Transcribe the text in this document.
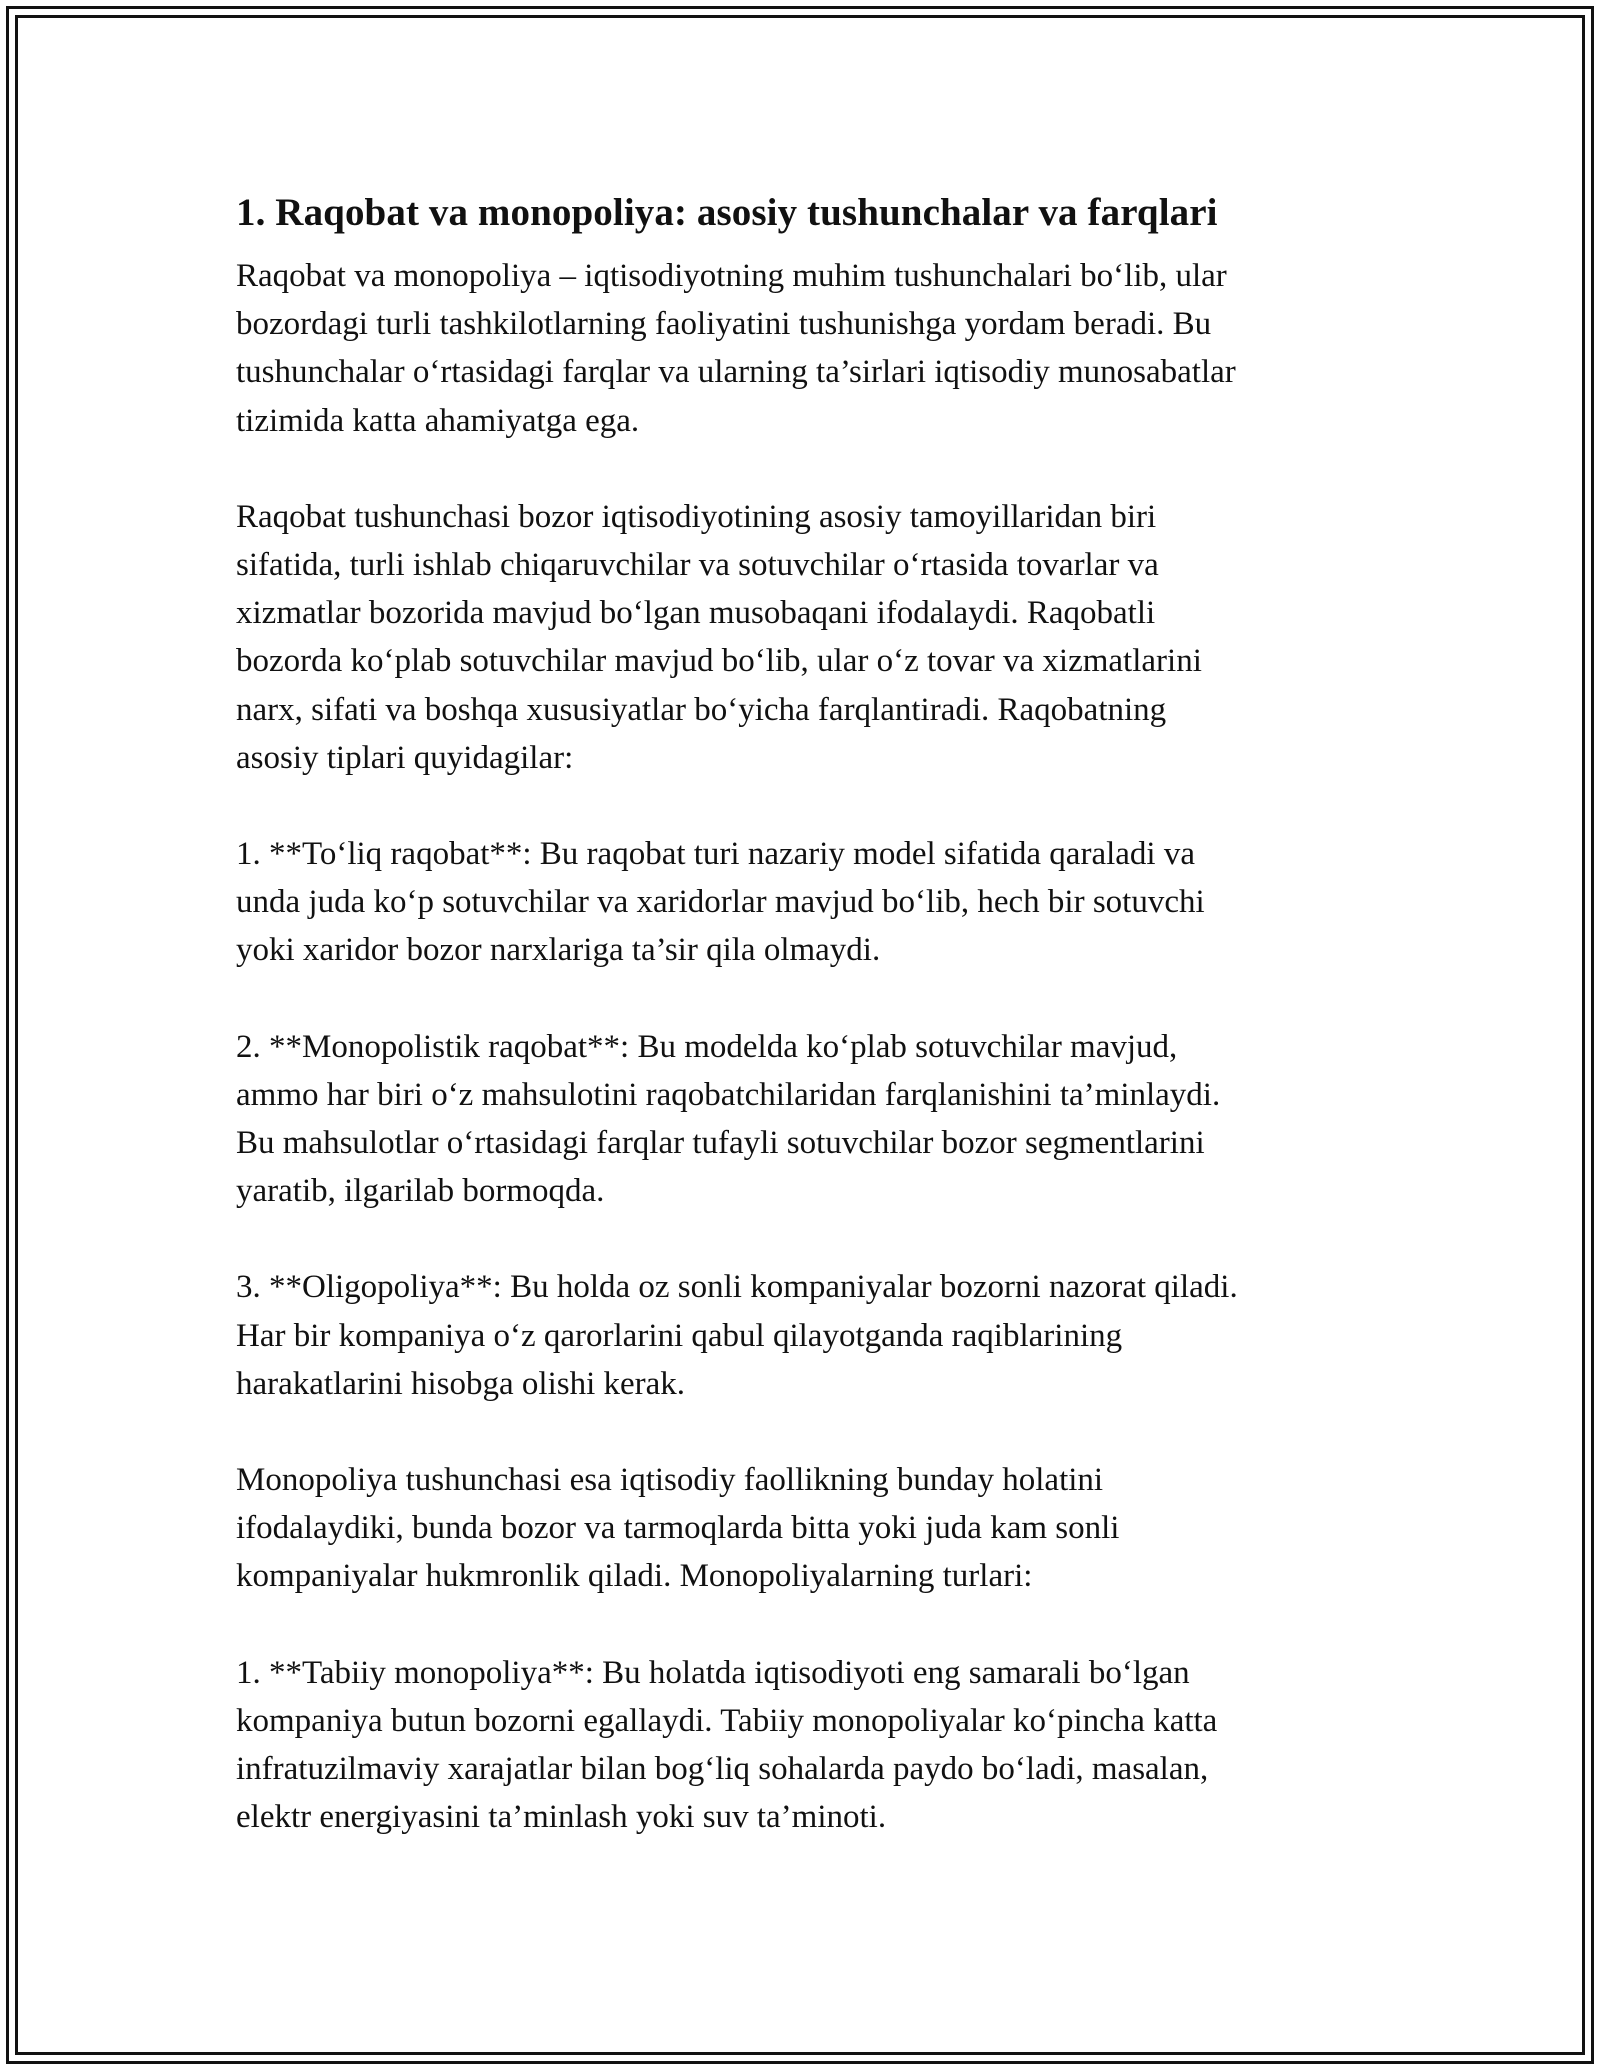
1. Raqobat va monopoliya: asosiy tushunchalar va farqlari

Raqobat va monopoliya – iqtisodiyotning muhim tushunchalari bo‘lib, ular
bozordagi turli tashkilotlarning faoliyatini tushunishga yordam beradi. Bu
tushunchalar o‘rtasidagi farqlar va ularning ta’sirlari iqtisodiy munosabatlar
tizimida katta ahamiyatga ega.

Raqobat tushunchasi bozor iqtisodiyotining asosiy tamoyillaridan biri
sifatida, turli ishlab chiqaruvchilar va sotuvchilar o‘rtasida tovarlar va
xizmatlar bozorida mavjud bo‘lgan musobaqani ifodalaydi. Raqobatli
bozorda ko‘plab sotuvchilar mavjud bo‘lib, ular o‘z tovar va xizmatlarini
narx, sifati va boshqa xususiyatlar bo‘yicha farqlantiradi. Raqobatning
asosiy tiplari quyidagilar:

1. **To‘liq raqobat**: Bu raqobat turi nazariy model sifatida qaraladi va
unda juda ko‘p sotuvchilar va xaridorlar mavjud bo‘lib, hech bir sotuvchi
yoki xaridor bozor narxlariga ta’sir qila olmaydi.

2. **Monopolistik raqobat**: Bu modelda ko‘plab sotuvchilar mavjud,
ammo har biri o‘z mahsulotini raqobatchilaridan farqlanishini ta’minlaydi.
Bu mahsulotlar o‘rtasidagi farqlar tufayli sotuvchilar bozor segmentlarini
yaratib, ilgarilab bormoqda.

3. **Oligopoliya**: Bu holda oz sonli kompaniyalar bozorni nazorat qiladi.
Har bir kompaniya o‘z qarorlarini qabul qilayotganda raqiblarining
harakatlarini hisobga olishi kerak.

Monopoliya tushunchasi esa iqtisodiy faollikning bunday holatini
ifodalaydiki, bunda bozor va tarmoqlarda bitta yoki juda kam sonli
kompaniyalar hukmronlik qiladi. Monopoliyalarning turlari:

1. **Tabiiy monopoliya**: Bu holatda iqtisodiyoti eng samarali bo‘lgan
kompaniya butun bozorni egallaydi. Tabiiy monopoliyalar ko‘pincha katta
infratuzilmaviy xarajatlar bilan bog‘liq sohalarda paydo bo‘ladi, masalan,
elektr energiyasini ta’minlash yoki suv ta’minoti.
